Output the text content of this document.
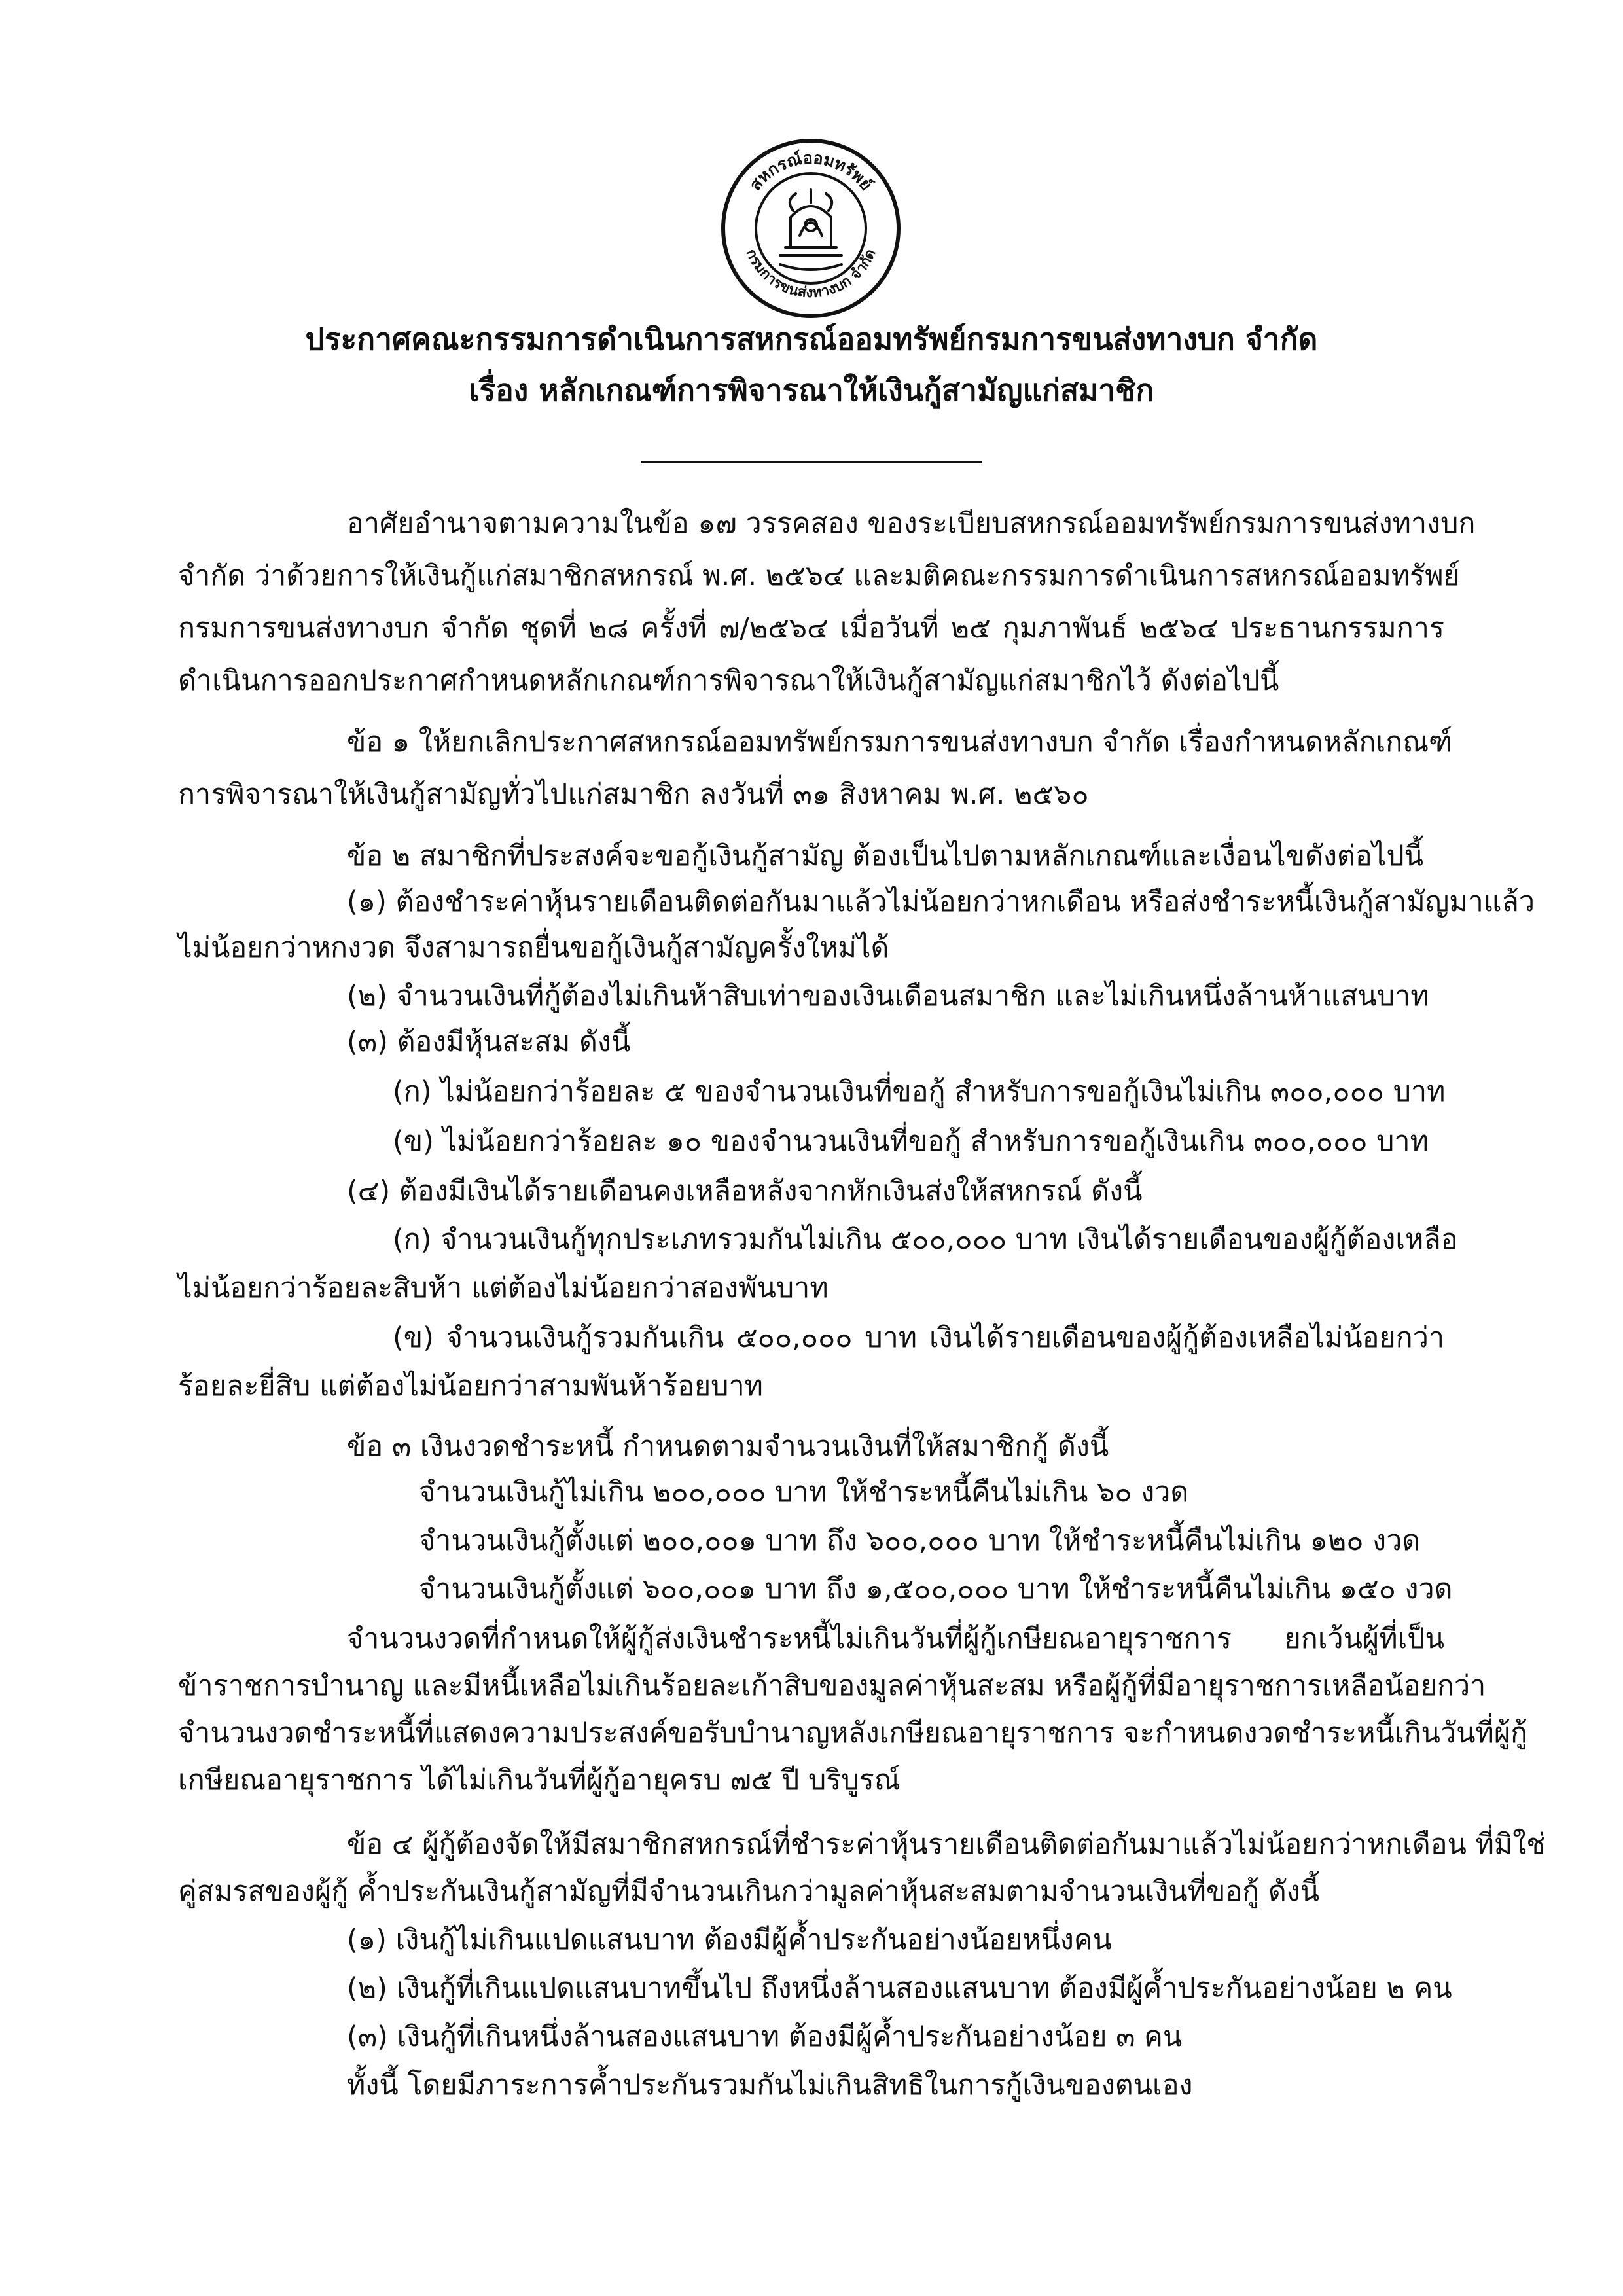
สหกรณ์ออมทรัพย์
กรมการขนส่งทางบก จำกัด
ประกาศคณะกรรมการดำเนินการสหกรณ์ออมทรัพย์กรมการขนส่งทางบก จำกัด
เรื่อง หลักเกณฑ์การพิจารณาให้เงินกู้สามัญแก่สมาชิก
อาศัยอำนาจตามความในข้อ ๑๗ วรรคสอง ของระเบียบสหกรณ์ออมทรัพย์กรมการขนส่งทางบก
จำกัด ว่าด้วยการให้เงินกู้แก่สมาชิกสหกรณ์ พ.ศ. ๒๕๖๔ และมติคณะกรรมการดำเนินการสหกรณ์ออมทรัพย์
กรมการขนส่งทางบก จำกัด ชุดที่ ๒๘ ครั้งที่ ๗/๒๕๖๔ เมื่อวันที่ ๒๕ กุมภาพันธ์ ๒๕๖๔ ประธานกรรมการ
ดำเนินการออกประกาศกำหนดหลักเกณฑ์การพิจารณาให้เงินกู้สามัญแก่สมาชิกไว้ ดังต่อไปนี้
ข้อ ๑ ให้ยกเลิกประกาศสหกรณ์ออมทรัพย์กรมการขนส่งทางบก จำกัด เรื่องกำหนดหลักเกณฑ์
การพิจารณาให้เงินกู้สามัญทั่วไปแก่สมาชิก ลงวันที่ ๓๑ สิงหาคม พ.ศ. ๒๕๖๐
ข้อ ๒ สมาชิกที่ประสงค์จะขอกู้เงินกู้สามัญ ต้องเป็นไปตามหลักเกณฑ์และเงื่อนไขดังต่อไปนี้
(๑) ต้องชำระค่าหุ้นรายเดือนติดต่อกันมาแล้วไม่น้อยกว่าหกเดือน หรือส่งชำระหนี้เงินกู้สามัญมาแล้ว
ไม่น้อยกว่าหกงวด จึงสามารถยื่นขอกู้เงินกู้สามัญครั้งใหม่ได้
(๒) จำนวนเงินที่กู้ต้องไม่เกินห้าสิบเท่าของเงินเดือนสมาชิก และไม่เกินหนึ่งล้านห้าแสนบาท
(๓) ต้องมีหุ้นสะสม ดังนี้
(ก) ไม่น้อยกว่าร้อยละ ๕ ของจำนวนเงินที่ขอกู้ สำหรับการขอกู้เงินไม่เกิน ๓๐๐,๐๐๐ บาท
(ข) ไม่น้อยกว่าร้อยละ ๑๐ ของจำนวนเงินที่ขอกู้ สำหรับการขอกู้เงินเกิน ๓๐๐,๐๐๐ บาท
(๔) ต้องมีเงินได้รายเดือนคงเหลือหลังจากหักเงินส่งให้สหกรณ์ ดังนี้
(ก) จำนวนเงินกู้ทุกประเภทรวมกันไม่เกิน ๕๐๐,๐๐๐ บาท เงินได้รายเดือนของผู้กู้ต้องเหลือ
ไม่น้อยกว่าร้อยละสิบห้า แต่ต้องไม่น้อยกว่าสองพันบาท
(ข) จำนวนเงินกู้รวมกันเกิน ๕๐๐,๐๐๐ บาท เงินได้รายเดือนของผู้กู้ต้องเหลือไม่น้อยกว่า
ร้อยละยี่สิบ แต่ต้องไม่น้อยกว่าสามพันห้าร้อยบาท
ข้อ ๓ เงินงวดชำระหนี้ กำหนดตามจำนวนเงินที่ให้สมาชิกกู้ ดังนี้
จำนวนเงินกู้ไม่เกิน ๒๐๐,๐๐๐ บาท ให้ชำระหนี้คืนไม่เกิน ๖๐ งวด
จำนวนเงินกู้ตั้งแต่ ๒๐๐,๐๐๑ บาท ถึง ๖๐๐,๐๐๐ บาท ให้ชำระหนี้คืนไม่เกิน ๑๒๐ งวด
จำนวนเงินกู้ตั้งแต่ ๖๐๐,๐๐๑ บาท ถึง ๑,๕๐๐,๐๐๐ บาท ให้ชำระหนี้คืนไม่เกิน ๑๕๐ งวด
จำนวนงวดที่กำหนดให้ผู้กู้ส่งเงินชำระหนี้ไม่เกินวันที่ผู้กู้เกษียณอายุราชการ ยกเว้นผู้ที่เป็น
ข้าราชการบำนาญ และมีหนี้เหลือไม่เกินร้อยละเก้าสิบของมูลค่าหุ้นสะสม หรือผู้กู้ที่มีอายุราชการเหลือน้อยกว่า
จำนวนงวดชำระหนี้ที่แสดงความประสงค์ขอรับบำนาญหลังเกษียณอายุราชการ จะกำหนดงวดชำระหนี้เกินวันที่ผู้กู้
เกษียณอายุราชการ ได้ไม่เกินวันที่ผู้กู้อายุครบ ๗๕ ปี บริบูรณ์
ข้อ ๔ ผู้กู้ต้องจัดให้มีสมาชิกสหกรณ์ที่ชำระค่าหุ้นรายเดือนติดต่อกันมาแล้วไม่น้อยกว่าหกเดือน ที่มิใช่
คู่สมรสของผู้กู้ ค้ำประกันเงินกู้สามัญที่มีจำนวนเกินกว่ามูลค่าหุ้นสะสมตามจำนวนเงินที่ขอกู้ ดังนี้
(๑) เงินกู้ไม่เกินแปดแสนบาท ต้องมีผู้ค้ำประกันอย่างน้อยหนึ่งคน
(๒) เงินกู้ที่เกินแปดแสนบาทขึ้นไป ถึงหนึ่งล้านสองแสนบาท ต้องมีผู้ค้ำประกันอย่างน้อย ๒ คน
(๓) เงินกู้ที่เกินหนึ่งล้านสองแสนบาท ต้องมีผู้ค้ำประกันอย่างน้อย ๓ คน
ทั้งนี้ โดยมีภาระการค้ำประกันรวมกันไม่เกินสิทธิในการกู้เงินของตนเอง
